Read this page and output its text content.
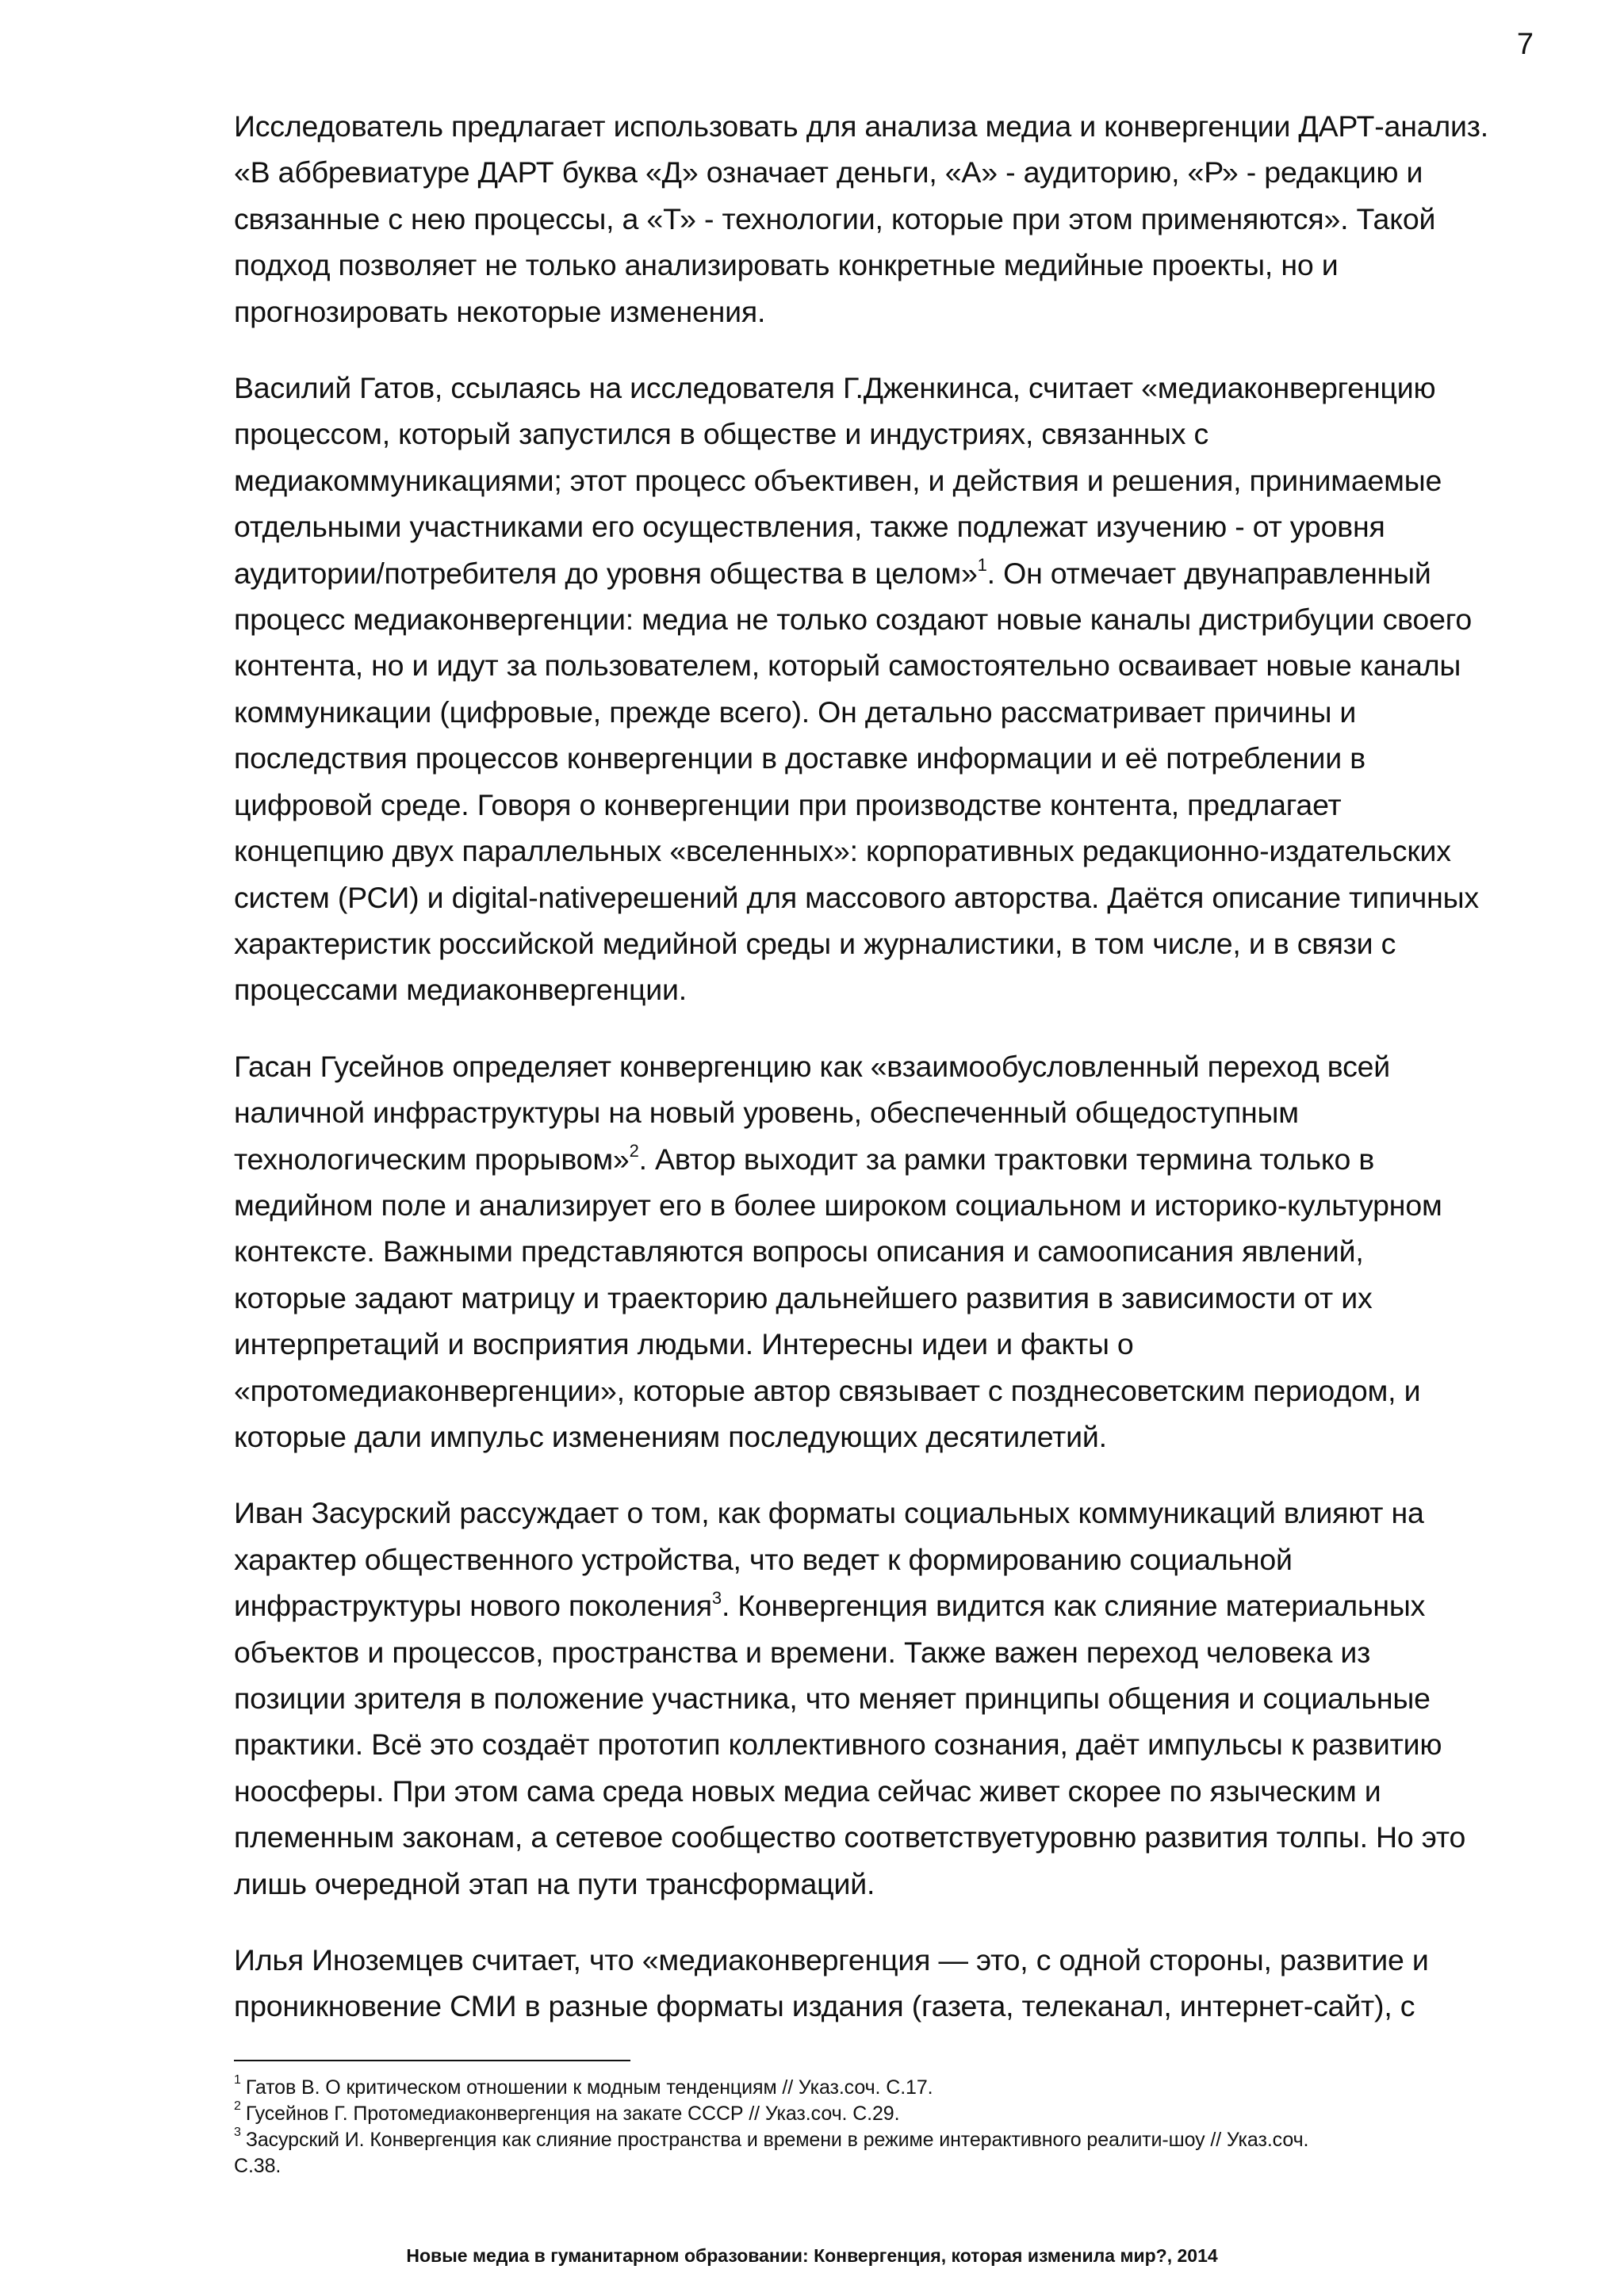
7

Исследователь предлагает использовать для анализа медиа и конвергенции ДАРТ-анализ.
«В аббревиатуре ДАРТ буква «Д» означает деньги, «А» - аудиторию, «Р» - редакцию и
связанные с нею процессы, а «Т» - технологии, которые при этом применяются». Такой
подход позволяет не только анализировать конкретные медийные проекты, но и
прогнозировать некоторые изменения.

Василий Гатов, ссылаясь на исследователя Г.Дженкинса, считает «медиаконвергенцию
процессом, который запустился в обществе и индустриях, связанных с
медиакоммуникациями; этот процесс объективен, и действия и решения, принимаемые
отдельными участниками его осуществления, также подлежат изучению - от уровня
аудитории/потребителя до уровня общества в целом»$^1$. Он отмечает двунаправленный
процесс медиаконвергенции: медиа не только создают новые каналы дистрибуции своего
контента, но и идут за пользователем, который самостоятельно осваивает новые каналы
коммуникации (цифровые, прежде всего). Он детально рассматривает причины и
последствия процессов конвергенции в доставке информации и её потреблении в
цифровой среде. Говоря о конвергенции при производстве контента, предлагает
концепцию двух параллельных «вселенных»: корпоративных редакционно-издательских
систем (РСИ) и digital-nativeрешений для массового авторства. Даётся описание типичных
характеристик российской медийной среды и журналистики, в том числе, и в связи с
процессами медиаконвергенции.

Гасан Гусейнов определяет конвергенцию как «взаимообусловленный переход всей
наличной инфраструктуры на новый уровень, обеспеченный общедоступным
технологическим прорывом»$^2$. Автор выходит за рамки трактовки термина только в
медийном поле и анализирует его в более широком социальном и историко-культурном
контексте. Важными представляются вопросы описания и самоописания явлений,
которые задают матрицу и траекторию дальнейшего развития в зависимости от их
интерпретаций и восприятия людьми. Интересны идеи и факты о
«протомедиаконвергенции», которые автор связывает с позднесоветским периодом, и
которые дали импульс изменениям последующих десятилетий.

Иван Засурский рассуждает о том, как форматы социальных коммуникаций влияют на
характер общественного устройства, что ведет к формированию социальной
инфраструктуры нового поколения$^3$. Конвергенция видится как слияние материальных
объектов и процессов, пространства и времени. Также важен переход человека из
позиции зрителя в положение участника, что меняет принципы общения и социальные
практики. Всё это создаёт прототип коллективного сознания, даёт импульсы к развитию
ноосферы. При этом сама среда новых медиа сейчас живет скорее по языческим и
племенным законам, а сетевое сообщество соответствуетуровню развития толпы. Но это
лишь очередной этап на пути трансформаций.

Илья Иноземцев считает, что «медиаконвергенция — это, с одной стороны, развитие и
проникновение СМИ в разные форматы издания (газета, телеканал, интернет-сайт), с

$^1$ Гатов В. О критическом отношении к модным тенденциям // Указ.соч. С.17.

$^2$ Гусейнов Г. Протомедиаконвергенция на закате СССР // Указ.соч. С.29.

$^3$ Засурский И. Конвергенция как слияние пространства и времени в режиме интерактивного реалити-шоу // Указ.соч.
С.38.

Новые медиа в гуманитарном образовании: Конвергенция, которая изменила мир?, 2014
